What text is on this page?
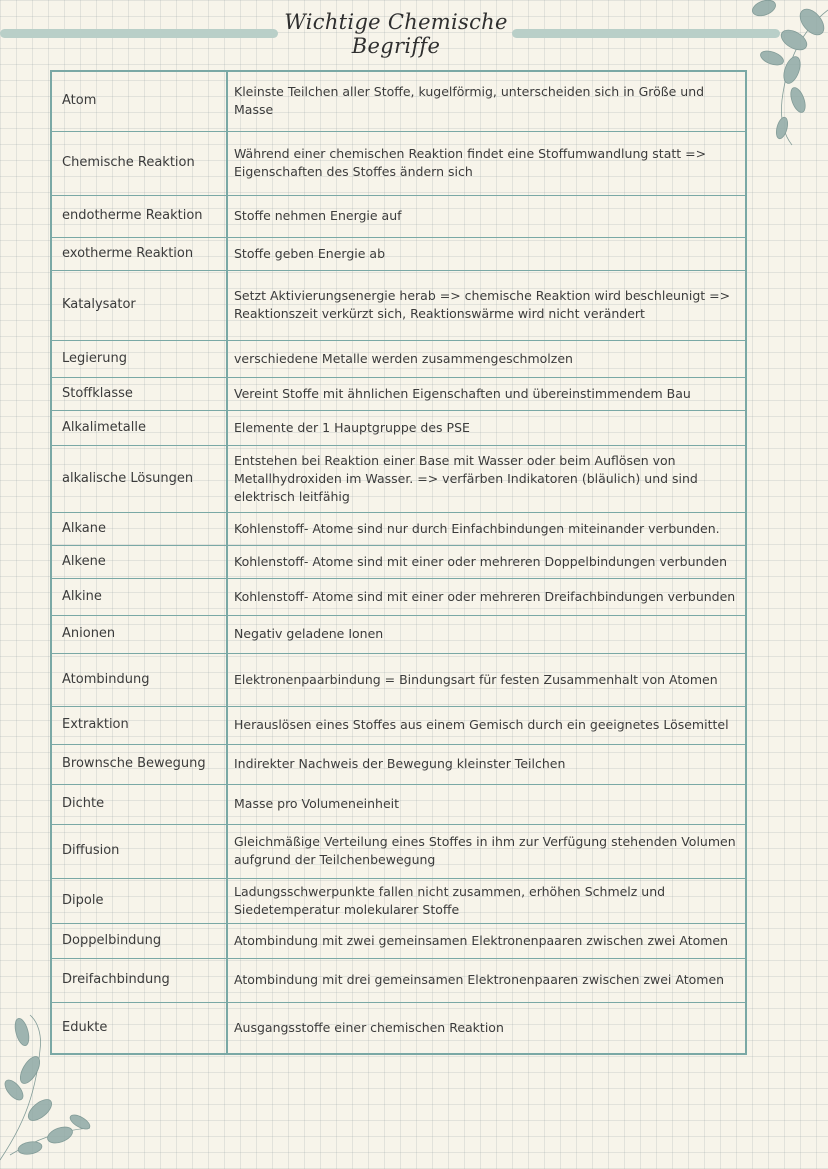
Wichtige Chemische Begriffe
Atom	Kleinste Teilchen aller Stoffe, kugelförmig, unterscheiden sich in Größe und Masse
Chemische Reaktion	Während einer chemischen Reaktion findet eine Stoffumwandlung statt => Eigenschaften des Stoffes ändern sich
endotherme Reaktion	Stoffe nehmen Energie auf
exotherme Reaktion	Stoffe geben Energie ab
Katalysator	Setzt Aktivierungsenergie herab => chemische Reaktion wird beschleunigt => Reaktionszeit verkürzt sich, Reaktionswärme wird nicht verändert
Legierung	verschiedene Metalle werden zusammengeschmolzen
Stoffklasse	Vereint Stoffe mit ähnlichen Eigenschaften und übereinstimmendem Bau
Alkalimetalle	Elemente der 1 Hauptgruppe des PSE
alkalische Lösungen	Entstehen bei Reaktion einer Base mit Wasser oder beim Auflösen von Metallhydroxiden im Wasser. => verfärben Indikatoren (bläulich) und sind elektrisch leitfähig
Alkane	Kohlenstoff- Atome sind nur durch Einfachbindungen miteinander verbunden.
Alkene	Kohlenstoff- Atome sind mit einer oder mehreren Doppelbindungen verbunden
Alkine	Kohlenstoff- Atome sind mit einer oder mehreren Dreifachbindungen verbunden
Anionen	Negativ geladene Ionen
Atombindung	Elektronenpaarbindung = Bindungsart für festen Zusammenhalt von Atomen
Extraktion	Herauslösen eines Stoffes aus einem Gemisch durch ein geeignetes Lösemittel
Brownsche Bewegung	Indirekter Nachweis der Bewegung kleinster Teilchen
Dichte	Masse pro Volumeneinheit
Diffusion	Gleichmäßige Verteilung eines Stoffes in ihm zur Verfügung stehenden Volumen aufgrund der Teilchenbewegung
Dipole	Ladungsschwerpunkte fallen nicht zusammen, erhöhen Schmelz und Siedetemperatur molekularer Stoffe
Doppelbindung	Atombindung mit zwei gemeinsamen Elektronenpaaren zwischen zwei Atomen
Dreifachbindung	Atombindung mit drei gemeinsamen Elektronenpaaren zwischen zwei Atomen
Edukte	Ausgangsstoffe einer chemischen Reaktion
